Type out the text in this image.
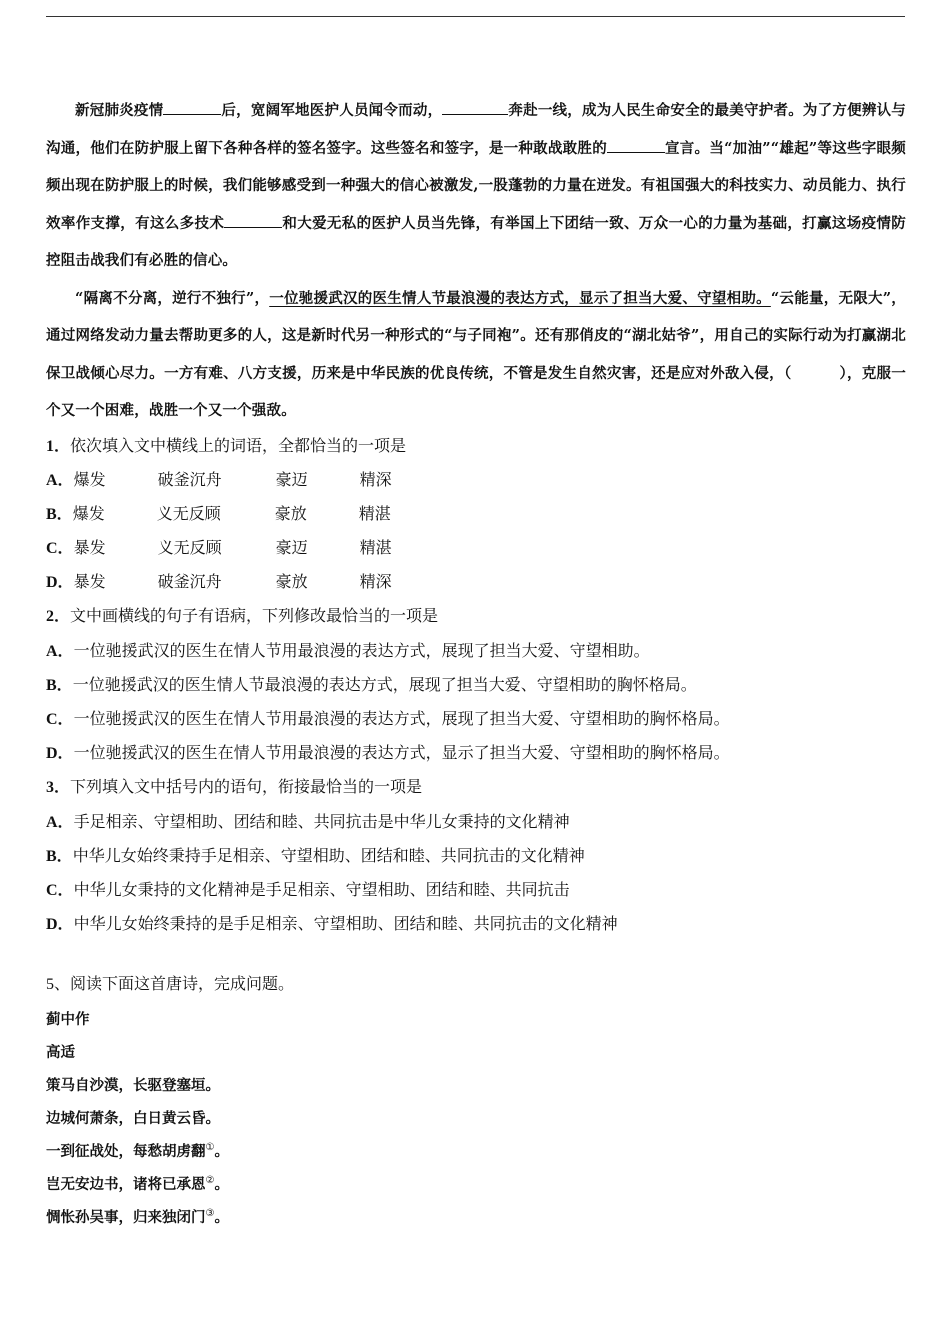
新冠肺炎疫情	后，宽阔军地医护人员闻令而动，	奔赴一线，成为人民生命安全的最美守护者。为了方便辨认与沟通，他们在防护服上留下各种各样的签名签字。这些签名和签字，是一种敢战敢胜的	宣言。当“加油”“雄起”等这些字眼频频出现在防护服上的时候，我们能够感受到一种强大的信心被激发,一股蓬勃的力量在迸发。有祖国强大的科技实力、动员能力、执行效率作支撑，有这么多技术	和大爱无私的医护人员当先锋，有举国上下团结一致、万众一心的力量为基础，打赢这场疫情防控阻击战我们有必胜的信心。

“隔离不分离，逆行不独行”，一位驰援武汉的医生情人节最浪漫的表达方式，显示了担当大爱、守望相助。“云能量，无限大”，通过网络发动力量去帮助更多的人，这是新时代另一种形式的“与子同袍”。还有那俏皮的“湖北姑爷”，用自己的实际行动为打赢湖北保卫战倾心尽力。一方有难、八方支援，历来是中华民族的优良传统，不管是发生自然灾害，还是应对外敌入侵，（	），克服一个又一个困难，战胜一个又一个强敌。

1．依次填入文中横线上的词语，全都恰当的一项是
A．爆发	破釜沉舟	豪迈	精深
B．爆发	义无反顾	豪放	精湛
C．暴发	义无反顾	豪迈	精湛
D．暴发	破釜沉舟	豪放	精深
2．文中画横线的句子有语病，下列修改最恰当的一项是
A．一位驰援武汉的医生在情人节用最浪漫的表达方式，展现了担当大爱、守望相助。
B．一位驰援武汉的医生情人节最浪漫的表达方式，展现了担当大爱、守望相助的胸怀格局。
C．一位驰援武汉的医生在情人节用最浪漫的表达方式，展现了担当大爱、守望相助的胸怀格局。
D．一位驰援武汉的医生在情人节用最浪漫的表达方式，显示了担当大爱、守望相助的胸怀格局。
3．下列填入文中括号内的语句，衔接最恰当的一项是
A．手足相亲、守望相助、团结和睦、共同抗击是中华儿女秉持的文化精神
B．中华儿女始终秉持手足相亲、守望相助、团结和睦、共同抗击的文化精神
C．中华儿女秉持的文化精神是手足相亲、守望相助、团结和睦、共同抗击
D．中华儿女始终秉持的是手足相亲、守望相助、团结和睦、共同抗击的文化精神
5、阅读下面这首唐诗，完成问题。
蓟中作
高适
策马自沙漠，长驱登塞垣。
边城何萧条，白日黄云昏。
一到征战处，每愁胡虏翻①。
岂无安边书，诸将已承恩②。
惆怅孙吴事，归来独闭门③。
